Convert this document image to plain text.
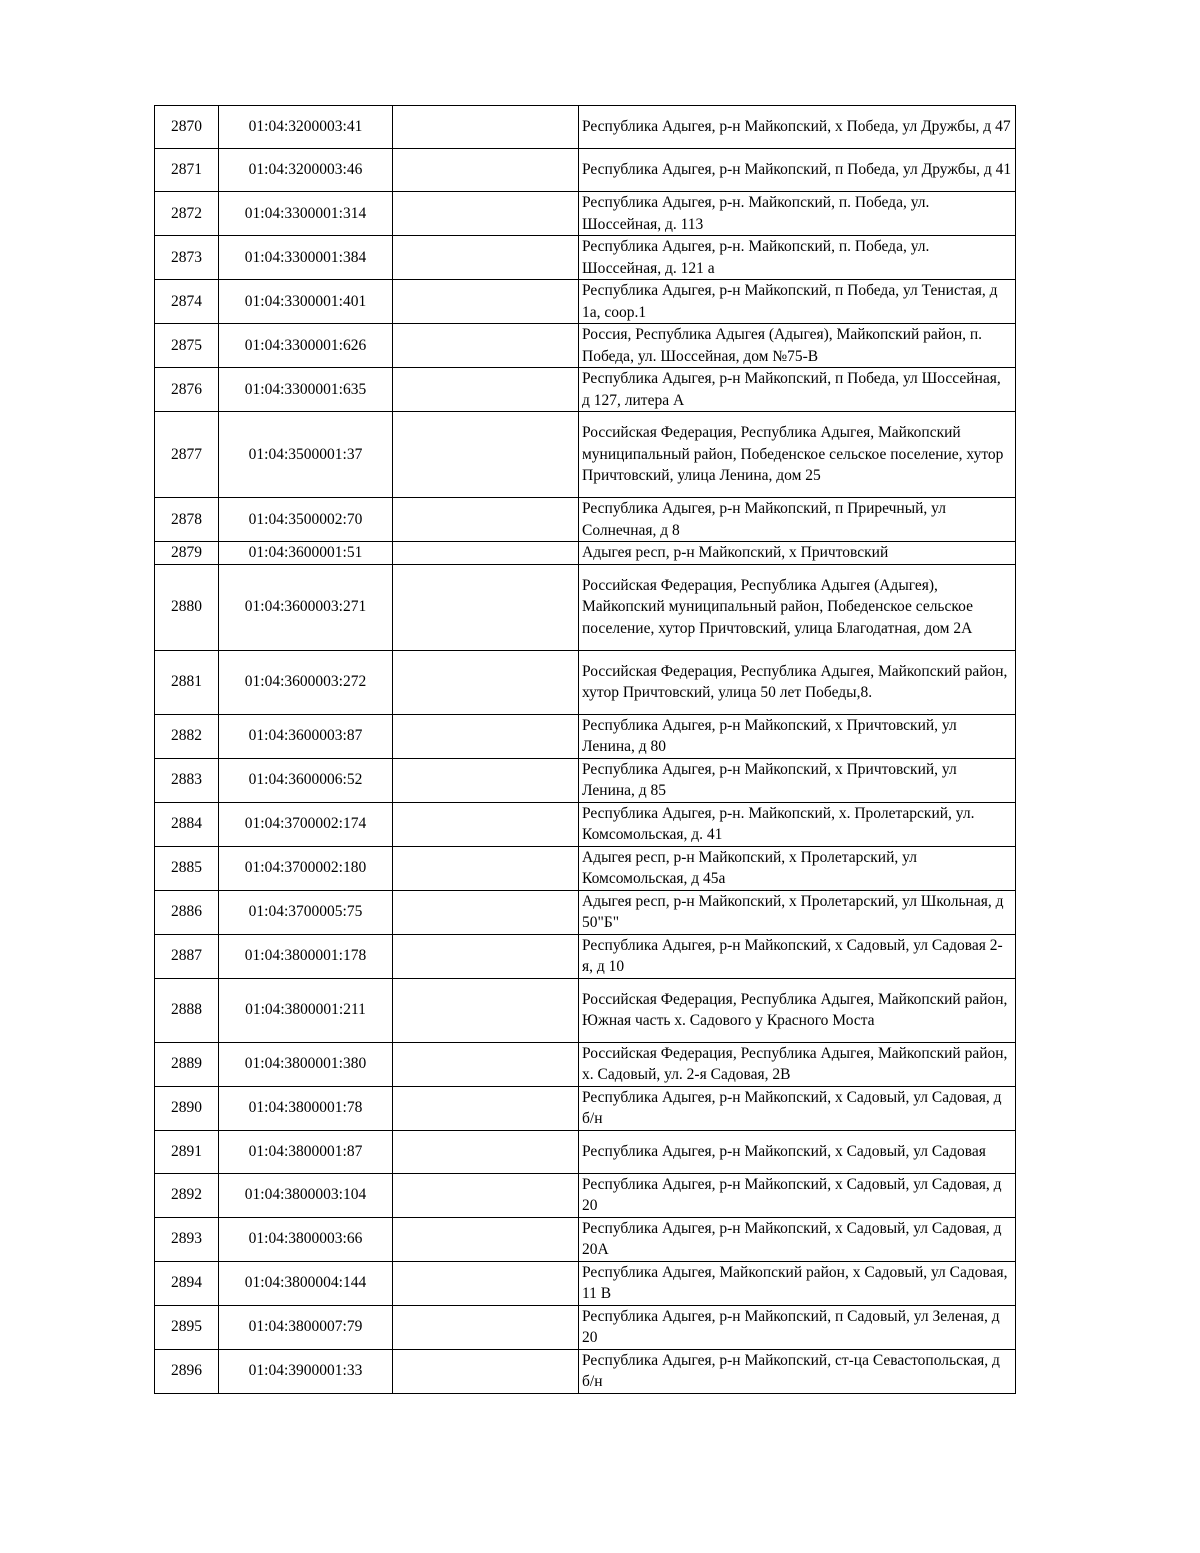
2870	01:04:3200003:41		Республика Адыгея, р-н Майкопский, х Победа, ул Дружбы, д 47
2871	01:04:3200003:46		Республика Адыгея, р-н Майкопский, п Победа, ул Дружбы, д 41
2872	01:04:3300001:314		Республика Адыгея, р-н. Майкопский, п. Победа, ул. Шоссейная, д. 113
2873	01:04:3300001:384		Республика Адыгея, р-н. Майкопский, п. Победа, ул. Шоссейная, д. 121 а
2874	01:04:3300001:401		Республика Адыгея, р-н Майкопский, п Победа, ул Тенистая, д 1а, соор.1
2875	01:04:3300001:626		Россия, Республика Адыгея (Адыгея), Майкопский район, п. Победа, ул. Шоссейная, дом №75-В
2876	01:04:3300001:635		Республика Адыгея, р-н Майкопский, п Победа, ул Шоссейная, д 127, литера А
2877	01:04:3500001:37		Российская Федерация, Республика Адыгея, Майкопский муниципальный район, Победенское сельское поселение, хутор Причтовский, улица Ленина, дом 25
2878	01:04:3500002:70		Республика Адыгея, р-н Майкопский, п Приречный, ул Солнечная, д 8
2879	01:04:3600001:51		Адыгея респ, р-н Майкопский, х Причтовский
2880	01:04:3600003:271		Российская Федерация, Республика Адыгея (Адыгея), Майкопский муниципальный район, Победенское сельское поселение, хутор Причтовский, улица Благодатная, дом 2А
2881	01:04:3600003:272		Российская Федерация, Республика Адыгея, Майкопский район, хутор Причтовский, улица 50 лет Победы,8.
2882	01:04:3600003:87		Республика Адыгея, р-н Майкопский, х Причтовский, ул Ленина, д 80
2883	01:04:3600006:52		Республика Адыгея, р-н Майкопский, х Причтовский, ул Ленина, д 85
2884	01:04:3700002:174		Республика Адыгея, р-н. Майкопский, х. Пролетарский, ул. Комсомольская, д. 41
2885	01:04:3700002:180		Адыгея респ, р-н Майкопский, х Пролетарский, ул Комсомольская, д 45а
2886	01:04:3700005:75		Адыгея респ, р-н Майкопский, х Пролетарский, ул Школьная, д 50"Б"
2887	01:04:3800001:178		Республика Адыгея, р-н Майкопский, х Садовый, ул Садовая 2-я, д 10
2888	01:04:3800001:211		Российская Федерация, Республика Адыгея, Майкопский район, Южная часть х. Садового у Красного Моста
2889	01:04:3800001:380		Российская Федерация, Республика Адыгея, Майкопский район, х. Садовый, ул. 2-я Садовая, 2В
2890	01:04:3800001:78		Республика Адыгея, р-н Майкопский, х Садовый, ул Садовая, д б/н
2891	01:04:3800001:87		Республика Адыгея, р-н Майкопский, х Садовый, ул Садовая
2892	01:04:3800003:104		Республика Адыгея, р-н Майкопский, х Садовый, ул Садовая, д 20
2893	01:04:3800003:66		Республика Адыгея, р-н Майкопский, х Садовый, ул Садовая, д 20А
2894	01:04:3800004:144		Республика Адыгея, Майкопский район, х Садовый, ул Садовая, 11 В
2895	01:04:3800007:79		Республика Адыгея, р-н Майкопский, п Садовый, ул Зеленая, д 20
2896	01:04:3900001:33		Республика Адыгея, р-н Майкопский, ст-ца Севастопольская, д б/н
